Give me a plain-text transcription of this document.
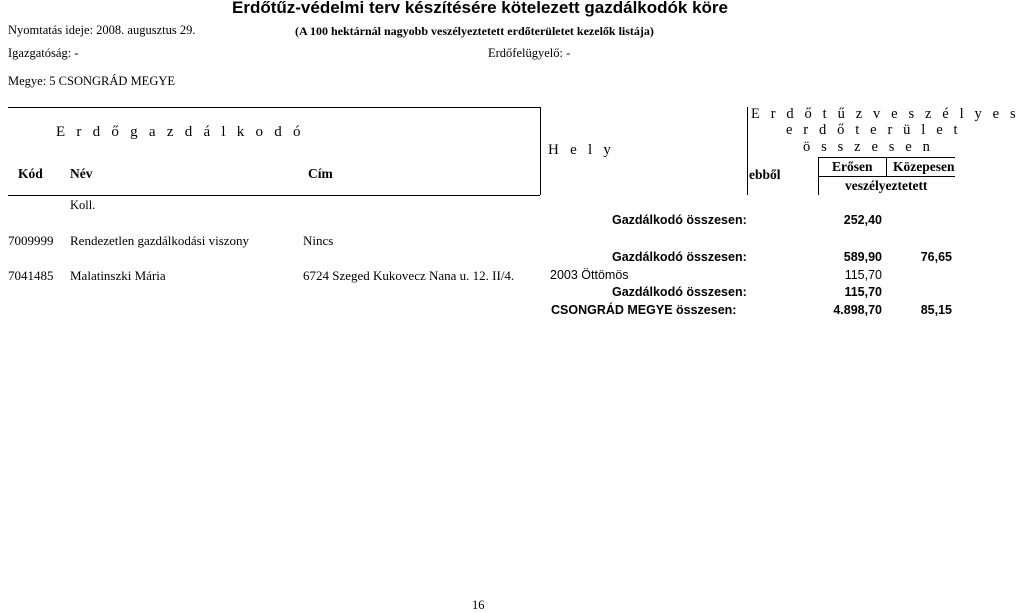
Erdőtűz-védelmi terv készítésére kötelezett gazdálkodók köre
Nyomtatás ideje: 2008. augusztus 29.	(A 100 hektárnál nagyobb veszélyeztetett erdőterületet kezelők listája)
Igazgatóság: -	Erdőfelügyelő: -
Megye: 5 CSONGRÁD MEGYE
E r d ő g a z d á l k o d ó
Kód Név	Cím
Koll.
H e l y
E r d ő t ű z v e s z é l y e s
e r d ő t e r ü l e t
ö s s z e s e n
ebből
Erősen Közepesen
veszélyeztetett
Gazdálkodó összesen:	252,40
7009999 Rendezetlen gazdálkodási viszony	Nincs
Gazdálkodó összesen:	589,90	76,65
7041485 Malatinszki Mária	6724 Szeged Kukovecz Nana u. 12. II/4.	2003 Öttömös	115,70
Gazdálkodó összesen:	115,70
CSONGRÁD MEGYE összesen:	4.898,70	85,15
16
